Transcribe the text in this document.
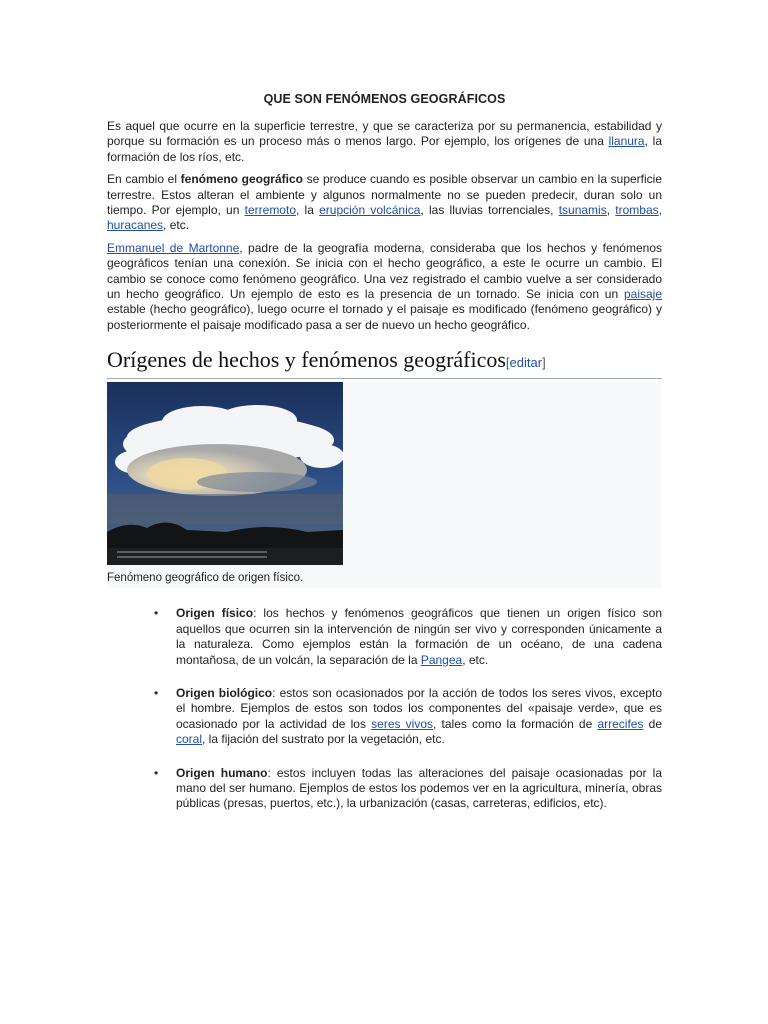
QUE SON FENÓMENOS GEOGRÁFICOS

Es aquel que ocurre en la superficie terrestre, y que se caracteriza por su permanencia, estabilidad y porque su formación es un proceso más o menos largo. Por ejemplo, los orígenes de una llanura, la formación de los ríos, etc.

En cambio el fenómeno geográfico se produce cuando es posible observar un cambio en la superficie terrestre. Estos alteran el ambiente y algunos normalmente no se pueden predecir, duran solo un tiempo. Por ejemplo, un terremoto, la erupción volcánica, las lluvias torrenciales, tsunamis, trombas, huracanes, etc.

Emmanuel de Martonne, padre de la geografía moderna, consideraba que los hechos y fenómenos geográficos tenían una conexión. Se inicia con el hecho geográfico, a este le ocurre un cambio. El cambio se conoce como fenómeno geográfico. Una vez registrado el cambio vuelve a ser considerado un hecho geográfico. Un ejemplo de esto es la presencia de un tornado. Se inicia con un paisaje estable (hecho geográfico), luego ocurre el tornado y el paisaje es modificado (fenómeno geográfico) y posteriormente el paisaje modificado pasa a ser de nuevo un hecho geográfico.

Orígenes de hechos y fenómenos geográficos[editar]
Fenómeno geográfico de origen físico.
• Origen físico: los hechos y fenómenos geográficos que tienen un origen físico son aquellos que ocurren sin la intervención de ningún ser vivo y corresponden únicamente a la naturaleza. Como ejemplos están la formación de un océano, de una cadena montañosa, de un volcán, la separación de la Pangea, etc.
• Origen biológico: estos son ocasionados por la acción de todos los seres vivos, excepto el hombre. Ejemplos de estos son todos los componentes del «paisaje verde», que es ocasionado por la actividad de los seres vivos, tales como la formación de arrecifes de coral, la fijación del sustrato por la vegetación, etc.
• Origen humano: estos incluyen todas las alteraciones del paisaje ocasionadas por la mano del ser humano. Ejemplos de estos los podemos ver en la agricultura, minería, obras públicas (presas, puertos, etc.), la urbanización (casas, carreteras, edificios, etc).
